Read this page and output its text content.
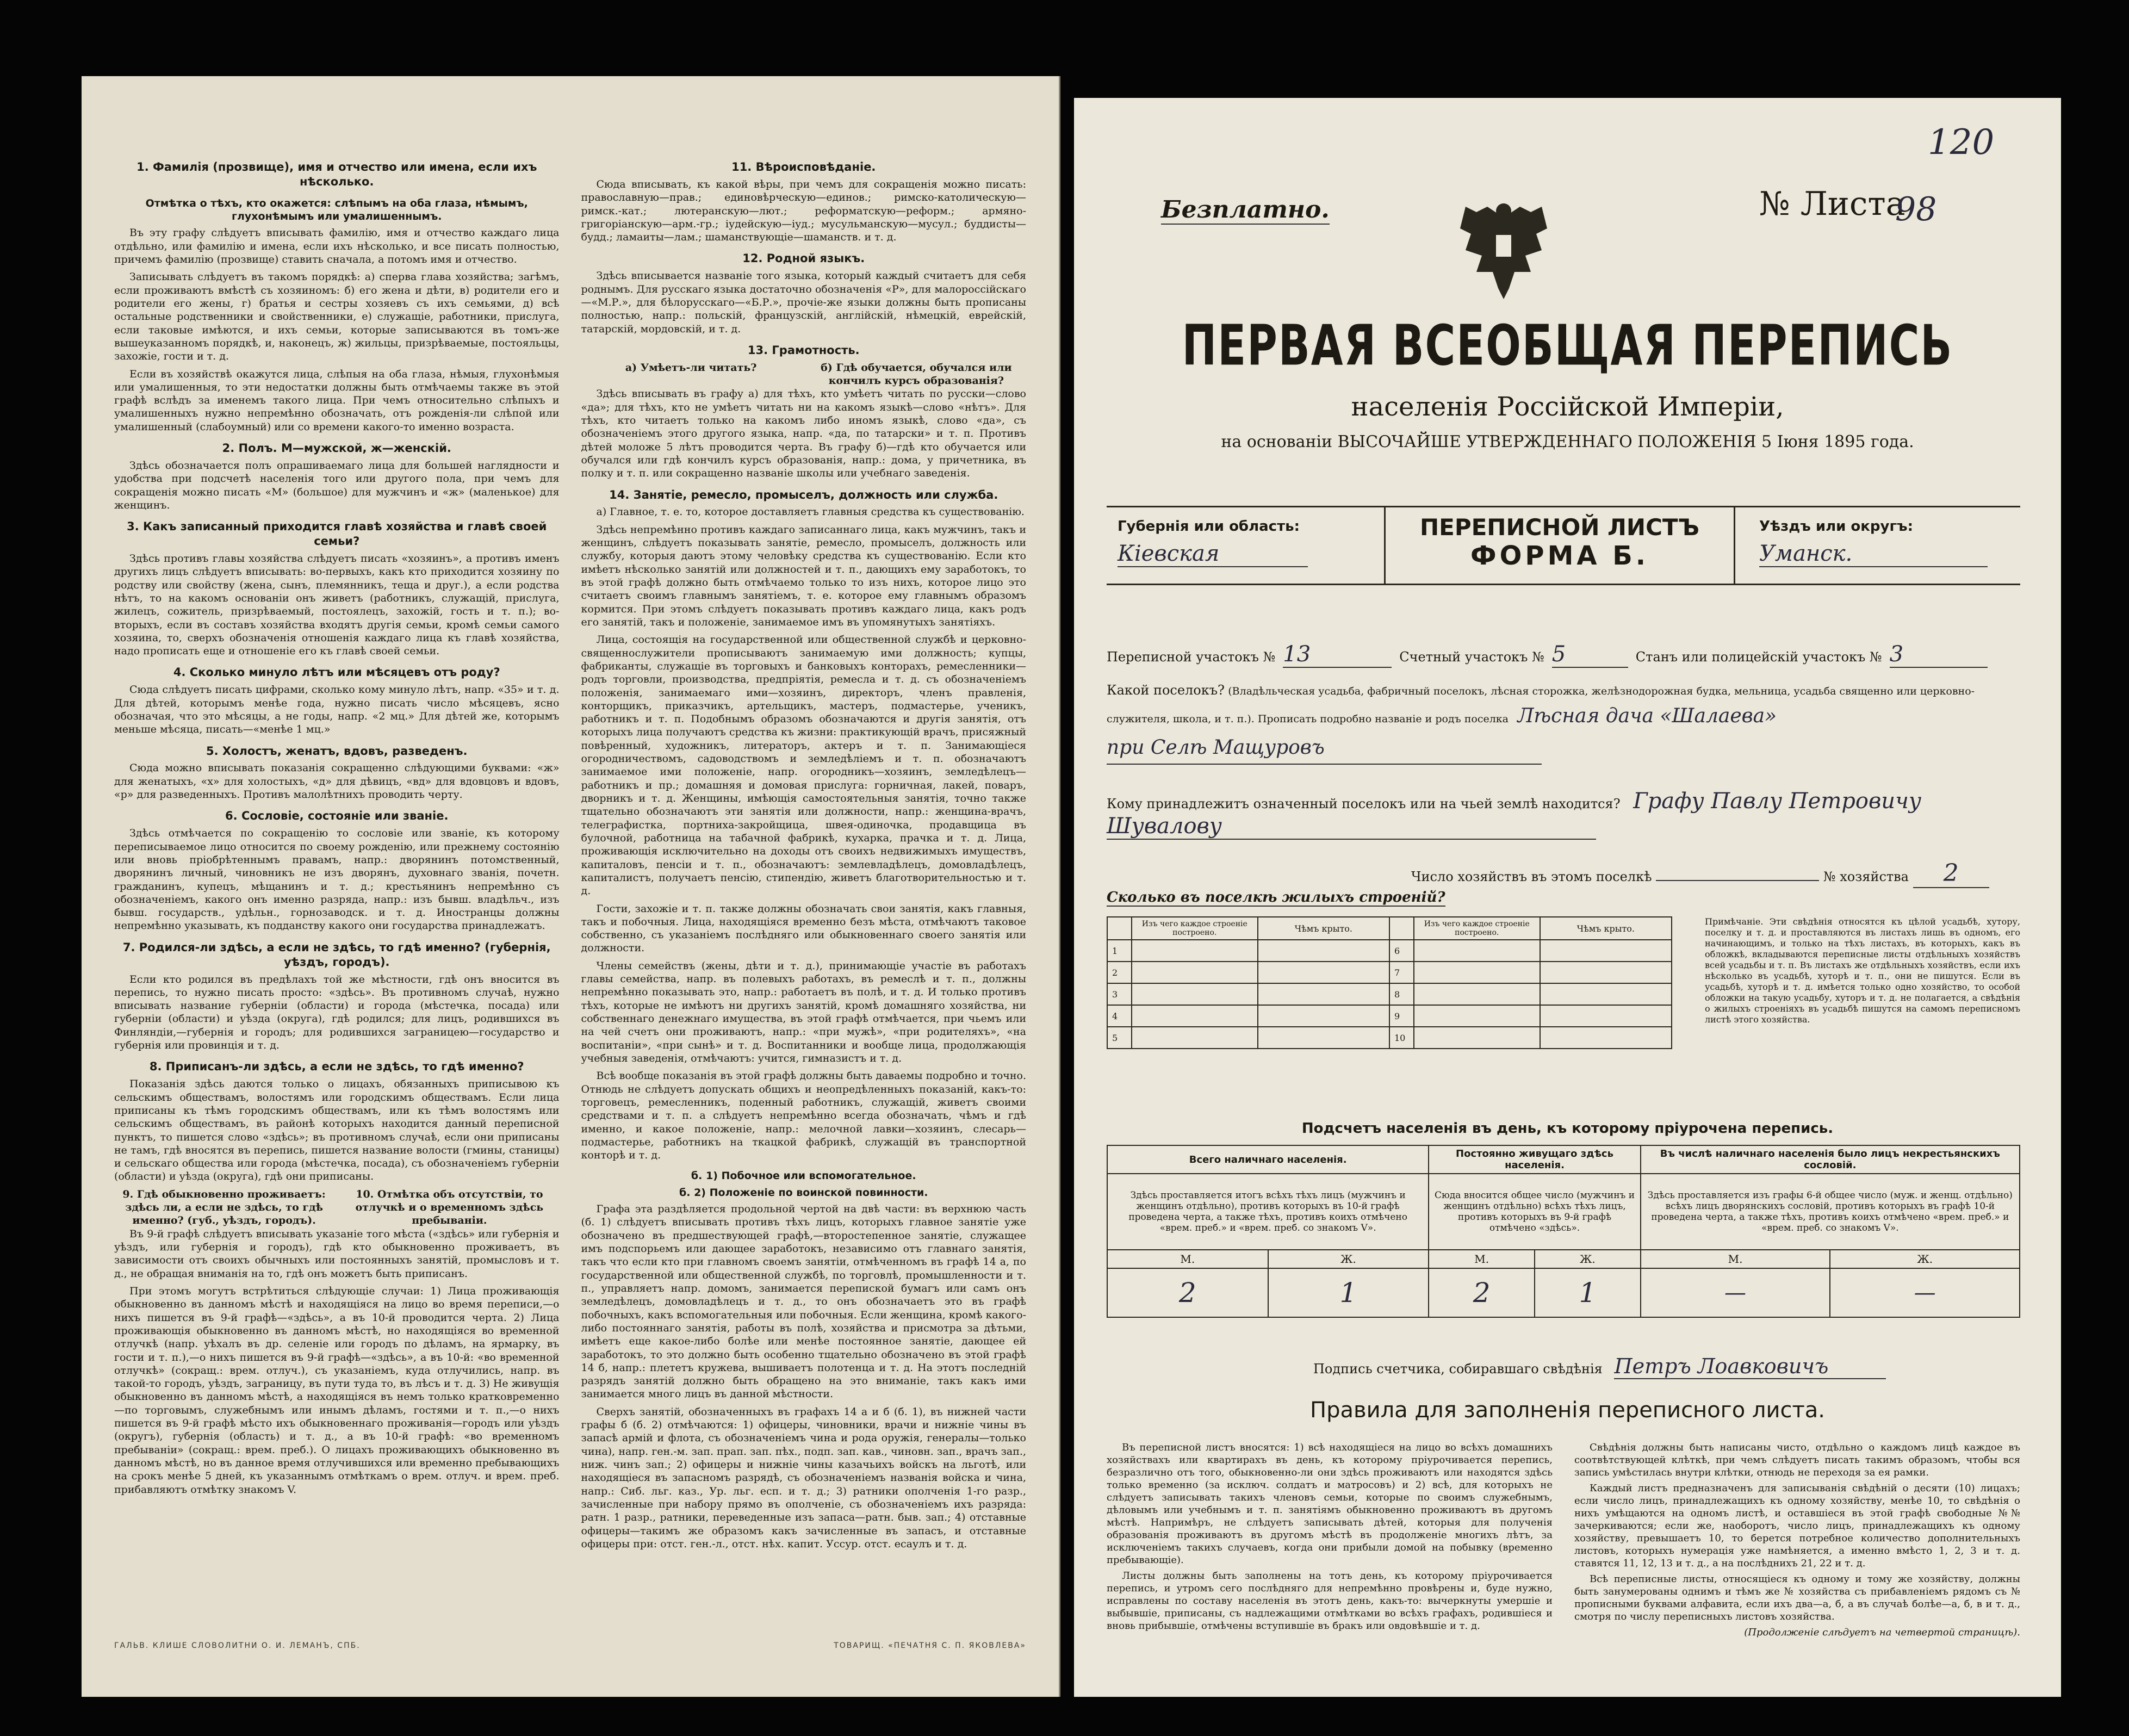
1. Фамилія (прозвище), имя и отчество или имена, если ихъ нѣсколько.
Отмѣтка о тѣхъ, кто окажется: слѣпымъ на оба глаза, нѣмымъ, глухонѣмымъ или умалишеннымъ.

Въ эту графу слѣдуетъ вписывать фамилію, имя и отчество каждаго лица отдѣльно, или фамилію и имена, если ихъ нѣсколько, и все писать полностью, причемъ фамилію (прозвище) ставить сначала, а потомъ имя и отчество.

Записывать слѣдуетъ въ такомъ порядкѣ: а) сперва глава хозяйства; загѣмъ, если проживаютъ вмѣстѣ съ хозяиномъ: б) его жена и дѣти, в) родители его и родители его жены, г) братья и сестры хозяевъ съ ихъ семьями, д) всѣ остальные родственники и свойственники, е) служащіе, работники, прислуга, если таковые имѣются, и ихъ семьи, которые записываются въ томъ-же вышеуказанномъ порядкѣ, и, наконецъ, ж) жильцы, призрѣваемые, постояльцы, захожіе, гости и т. д.

Если въ хозяйствѣ окажутся лица, слѣпыя на оба глаза, нѣмыя, глухонѣмыя или умалишенныя, то эти недостатки должны быть отмѣчаемы также въ этой графѣ вслѣдъ за именемъ такого лица. При чемъ относительно слѣпыхъ и умалишенныхъ нужно непремѣнно обозначать, отъ рожденія-ли слѣпой или умалишенный (слабоумный) или со времени какого-то именно возраста.

2. Полъ. М—мужской, ж—женскій.

Здѣсь обозначается полъ опрашиваемаго лица для большей наглядности и удобства при подсчетѣ населенія того или другого пола, при чемъ для сокращенія можно писать «М» (большое) для мужчинъ и «ж» (маленькое) для женщинъ.

3. Какъ записанный приходится главѣ хозяйства и главѣ своей семьи?

Здѣсь противъ главы хозяйства слѣдуетъ писать «хозяинъ», а противъ именъ другихъ лицъ слѣдуетъ вписывать: во-первыхъ, какъ кто приходится хозяину по родству или свойству (жена, сынъ, племянникъ, теща и друг.), а если родства нѣтъ, то на какомъ основаніи онъ живетъ (работникъ, служащій, прислуга, жилецъ, сожитель, призрѣваемый, постоялецъ, захожій, гость и т. п.); во-вторыхъ, если въ составъ хозяйства входятъ другія семьи, кромѣ семьи самого хозяина, то, сверхъ обозначенія отношенія каждаго лица къ главѣ хозяйства, надо прописать еще и отношеніе его къ главѣ своей семьи.

4. Сколько минуло лѣтъ или мѣсяцевъ отъ роду?

Сюда слѣдуетъ писать цифрами, сколько кому минуло лѣтъ, напр. «35» и т. д. Для дѣтей, которымъ менѣе года, нужно писать число мѣсяцевъ, ясно обозначая, что это мѣсяцы, а не годы, напр. «2 мц.» Для дѣтей же, которымъ меньше мѣсяца, писать—«менѣе 1 мц.»

5. Холостъ, женатъ, вдовъ, разведенъ.

Сюда можно вписывать показанія сокращенно слѣдующими буквами: «ж» для женатыхъ, «х» для холостыхъ, «д» для дѣвицъ, «вд» для вдовцовъ и вдовъ, «р» для разведенныхъ. Противъ малолѣтнихъ проводить черту.

6. Сословіе, состояніе или званіе.

Здѣсь отмѣчается по сокращенію то сословіе или званіе, къ которому переписываемое лицо относится по своему рожденію, или прежнему состоянію или вновь пріобрѣтеннымъ правамъ, напр.: дворянинъ потомственный, дворянинъ личный, чиновникъ не изъ дворянъ, духовнаго званія, почетн. гражданинъ, купецъ, мѣщанинъ и т. д.; крестьянинъ непремѣнно съ обозначеніемъ, какого онъ именно разряда, напр.: изъ бывш. владѣльч., изъ бывш. государств., удѣльн., горнозаводск. и т. д. Иностранцы должны непремѣнно указывать, къ подданству какого они государства принадлежатъ.

7. Родился-ли здѣсь, а если не здѣсь, то гдѣ именно? (губернія, уѣздъ, городъ).

Если кто родился въ предѣлахъ той же мѣстности, гдѣ онъ вносится въ перепись, то нужно писать просто: «здѣсь». Въ противномъ случаѣ, нужно вписывать название губерніи (области) и города (мѣстечка, посада) или губерніи (области) и уѣзда (округа), гдѣ родился; для лицъ, родившихся въ Финляндіи,—губернія и городъ; для родившихся заграницею—государство и губернія или провинція и т. д.

8. Приписанъ-ли здѣсь, а если не здѣсь, то гдѣ именно?

Показанія здѣсь даются только о лицахъ, обязанныхъ приписывою къ сельскимъ обществамъ, волостямъ или городскимъ обществамъ. Если лица приписаны къ тѣмъ городскимъ обществамъ, или къ тѣмъ волостямъ или сельскимъ обществамъ, въ районѣ которыхъ находится данный переписной пунктъ, то пишется слово «здѣсь»; въ противномъ случаѣ, если они приписаны не тамъ, гдѣ вносятся въ перепись, пишется название волости (гмины, станицы) и сельскаго общества или города (мѣстечка, посада), съ обозначеніемъ губерніи (области) и уѣзда (округа), гдѣ они приписаны.

9. Гдѣ обыкновенно проживаетъ: здѣсь ли, а если не здѣсь, то гдѣ именно? (губ., уѣздъ, городъ).
10. Отмѣтка объ отсутствіи, то отлучкѣ и о временномъ здѣсь пребываніи.

Въ 9-й графѣ слѣдуетъ вписывать указаніе того мѣста («здѣсь» или губернія и уѣздъ, или губернія и городъ), гдѣ кто обыкновенно проживаетъ, въ зависимости отъ своихъ обычныхъ или постоянныхъ занятій, промысловъ и т. д., не обращая вниманія на то, гдѣ онъ можетъ быть приписанъ.

При этомъ могутъ встрѣтиться слѣдующіе случаи: 1) Лица проживающія обыкновенно въ данномъ мѣстѣ и находящіяся на лицо во время переписи,—о нихъ пишется въ 9-й графѣ—«здѣсь», а въ 10-й проводится черта. 2) Лица проживающія обыкновенно въ данномъ мѣстѣ, но находящіяся во временной отлучкѣ (напр. уѣхалъ въ др. селеніе или городъ по дѣламъ, на ярмарку, въ гости и т. п.),—о нихъ пишется въ 9-й графѣ—«здѣсь», а въ 10-й: «во временной отлучкѣ» (сокращ.: врем. отлуч.), съ указаніемъ, куда отлучились, напр. въ такой-то городъ, уѣздъ, заграницу, въ пути туда то, въ лѣсъ и т. д. 3) Не живущія обыкновенно въ данномъ мѣстѣ, а находящіяся въ немъ только кратковременно—по торговымъ, служебнымъ или инымъ дѣламъ, гостями и т. п.,—о нихъ пишется въ 9-й графѣ мѣсто ихъ обыкновеннаго проживанія—городъ или уѣздъ (округъ), губернія (область) и т. д., а въ 10-й графѣ: «во временномъ пребываніи» (сокращ.: врем. преб.). О лицахъ проживающихъ обыкновенно въ данномъ мѣстѣ, но въ данное время отлучившихся или временно пребывающихъ на срокъ менѣе 5 дней, къ указаннымъ отмѣткамъ о врем. отлуч. и врем. преб. прибавляютъ отмѣтку знакомъ V.

11. Вѣроисповѣданіе.

Сюда вписывать, къ какой вѣры, при чемъ для сокращенія можно писать: православную—прав.; единовѣрческую—единов.; римско-католическую—римск.-кат.; лютеранскую—лют.; реформатскую—реформ.; армяно-григоріанскую—арм.-гр.; іудейскую—іуд.; мусульманскую—мусул.; буддисты—будд.; ламаиты—лам.; шаманствующіе—шаманств. и т. д.

12. Родной языкъ.

Здѣсь вписывается названіе того языка, который каждый считаетъ для себя роднымъ. Для русскаго языка достаточно обозначенія «Р», для малороссійскаго—«М.Р.», для бѣлорусскаго—«Б.Р.», прочіе-же языки должны быть прописаны полностью, напр.: польскій, французскій, англійскій, нѣмецкій, еврейскій, татарскій, мордовскій, и т. д.

13. Грамотность.
а) Умѣетъ-ли читать?	б) Гдѣ обучается, обучался или кончилъ курсъ образованія?

Здѣсь вписывать въ графу а) для тѣхъ, кто умѣетъ читать по русски—слово «да»; для тѣхъ, кто не умѣетъ читать ни на какомъ языкѣ—слово «нѣтъ». Для тѣхъ, кто читаетъ только на какомъ либо иномъ языкѣ, слово «да», съ обозначеніемъ этого другого языка, напр. «да, по татарски» и т. п. Противъ дѣтей моложе 5 лѣтъ проводится черта. Въ графу б)—гдѣ кто обучается или обучался или гдѣ кончилъ курсъ образованія, напр.: дома, у причетника, въ полку и т. п. или сокращенно названіе школы или учебнаго заведенія.

14. Занятіе, ремесло, промыселъ, должность или служба.

а) Главное, т. е. то, которое доставляетъ главныя средства къ существованію.

Здѣсь непремѣнно противъ каждаго записаннаго лица, какъ мужчинъ, такъ и женщинъ, слѣдуетъ показывать занятіе, ремесло, промыселъ, должность или службу, которыя даютъ этому человѣку средства къ существованію. Если кто имѣетъ нѣсколько занятій или должностей и т. п., дающихъ ему заработокъ, то въ этой графѣ должно быть отмѣчаемо только то изъ нихъ, которое лицо это считаетъ своимъ главнымъ занятіемъ, т. е. которое ему главнымъ образомъ кормится. При этомъ слѣдуетъ показывать противъ каждаго лица, какъ родъ его занятій, такъ и положеніе, занимаемое имъ въ упомянутыхъ занятіяхъ.

Лица, состоящія на государственной или общественной службѣ и церковно-священнослужители прописываютъ занимаемую ими должность; купцы, фабриканты, служащіе въ торговыхъ и банковыхъ конторахъ, ремесленники—родъ торговли, производства, предпріятія, ремесла и т. д. съ обозначеніемъ положенія, занимаемаго ими—хозяинъ, директоръ, членъ правленія, конторщикъ, приказчикъ, артельщикъ, мастеръ, подмастерье, ученикъ, работникъ и т. п. Подобнымъ образомъ обозначаются и другія занятія, отъ которыхъ лица получаютъ средства къ жизни: практикующій врачъ, присяжный повѣренный, художникъ, литераторъ, актеръ и т. п. Занимающіеся огородничествомъ, садоводствомъ и земледѣліемъ и т. п. обозначаютъ занимаемое ими положеніе, напр. огородникъ—хозяинъ, земледѣлецъ—работникъ и пр.; домашняя и домовая прислуга: горничная, лакей, поваръ, дворникъ и т. д. Женщины, имѣющія самостоятельныя занятія, точно также тщательно обозначаютъ эти занятія или должности, напр.: женщина-врачъ, телеграфистка, портниха-закройщица, швея-одиночка, продавщица въ булочной, работница на табачной фабрикѣ, кухарка, прачка и т. д. Лица, проживающія исключительно на доходы отъ своихъ недвижимыхъ имуществъ, капиталовъ, пенсіи и т. п., обозначаютъ: землевладѣлецъ, домовладѣлецъ, капиталистъ, получаетъ пенсію, стипендію, живетъ благотворительностью и т. д.

Гости, захожіе и т. п. также должны обозначать свои занятія, какъ главныя, такъ и побочныя. Лица, находящіяся временно безъ мѣста, отмѣчаютъ таковое собственно, съ указаніемъ послѣдняго или обыкновеннаго своего занятія или должности.

Члены семействъ (жены, дѣти и т. д.), принимающіе участіе въ работахъ главы семейства, напр. въ полевыхъ работахъ, въ ремеслѣ и т. п., должны непремѣнно показывать это, напр.: работаетъ въ полѣ, и т. д. И только противъ тѣхъ, которые не имѣютъ ни другихъ занятій, кромѣ домашняго хозяйства, ни собственнаго денежнаго имущества, въ этой графѣ отмѣчается, при чьемъ или на чей счетъ они проживаютъ, напр.: «при мужѣ», «при родителяхъ», «на воспитаніи», «при сынѣ» и т. д. Воспитанники и вообще лица, продолжающія учебныя заведенія, отмѣчаютъ: учится, гимназистъ и т. д.

Всѣ вообще показанія въ этой графѣ должны быть даваемы подробно и точно. Отнюдь не слѣдуетъ допускать общихъ и неопредѣленныхъ показаній, какъ-то: торговецъ, ремесленникъ, поденный работникъ, служащій, живетъ своими средствами и т. п. а слѣдуетъ непремѣнно всегда обозначать, чѣмъ и гдѣ именно, и какое положеніе, напр.: мелочной лавки—хозяинъ, слесарь—подмастерье, работникъ на ткацкой фабрикѣ, служащій въ транспортной конторѣ и т. д.

б. 1) Побочное или вспомогательное.
б. 2) Положеніе по воинской повинности.

Графа эта раздѣляется продольной чертой на двѣ части: въ верхнюю часть (б. 1) слѣдуетъ вписывать противъ тѣхъ лицъ, которыхъ главное занятіе уже обозначено въ предшествующей графѣ,—второстепенное занятіе, служащее имъ подспорьемъ или дающее заработокъ, независимо отъ главнаго занятія, такъ что если кто при главномъ своемъ занятіи, отмѣченномъ въ графѣ 14 а, по государственной или общественной службѣ, по торговлѣ, промышленности и т. п., управляетъ напр. домомъ, занимается перепиской бумагъ или самъ онъ земледѣлецъ, домовладѣлецъ и т. д., то онъ обозначаетъ это въ графѣ побочныхъ, какъ вспомогательныя или побочныя. Если женщина, кромѣ какого-либо постояннаго занятія, работы въ полѣ, хозяйства и присмотра за дѣтьми, имѣетъ еще какое-либо болѣе или менѣе постоянное занятіе, дающее ей заработокъ, то это должно быть особенно тщательно обозначено въ этой графѣ 14 б, напр.: плететъ кружева, вышиваетъ полотенца и т. д. На этотъ последній разрядъ занятій должно быть обращено на это вниманіе, такъ какъ ими занимается много лицъ въ данной мѣстности.

Сверхъ занятій, обозначенныхъ въ графахъ 14 а и б (б. 1), въ нижней части графы б (б. 2) отмѣчаются: 1) офицеры, чиновники, врачи и нижніе чины въ запасѣ армій и флота, съ обозначеніемъ чина и рода оружія, генералы—только чина), напр. ген.-м. зап. прап. зап. пѣх., подп. зап. кав., чиновн. зап., врачъ зап., ниж. чинъ зап.; 2) офицеры и нижніе чины казачьихъ войскъ на льготѣ, или находящіеся въ запасномъ разрядѣ, съ обозначеніемъ названія войска и чина, напр.: Сиб. льг. каз., Ур. льг. есп. и т. д.; 3) ратники ополченія 1-го разр., зачисленные при набору прямо въ ополченіе, съ обозначеніемъ ихъ разряда: ратн. 1 разр., ратники, переведенные изъ запаса—ратн. быв. зап.; 4) отставные офицеры—такимъ же образомъ какъ зачисленные въ запасъ, и отставные офицеры при: отст. ген.-л., отст. нѣх. капит. Уссур. отст. есаулъ и т. д.

ГАЛЬВ. КЛИШЕ СЛОВОЛИТНИ О. И. ЛЕМАНЪ, СПБ.	ТОВАРИЩ. «ПЕЧАТНЯ С. П. ЯКОВЛЕВА»
120
Безплатно.	№ Листа
98
ПЕРВАЯ ВСЕОБЩАЯ ПЕРЕПИСЬ
населенія Россійской Имперіи,
на основаніи ВЫСОЧАЙШЕ УТВЕРЖДЕННАГО ПОЛОЖЕНІЯ 5 Іюня 1895 года.
Губернія или область:
Кіевская
ПЕРЕПИСНОЙ ЛИСТЪ
ФОРМА Б.
Уѣздъ или округъ:
Уманск.
Переписной участокъ № 13	Счетный участокъ № 5	Станъ или полицейскій участокъ № 3
Какой поселокъ? (Владѣльческая усадьба, фабричный поселокъ, лѣсная сторожка, желѣзнодорожная будка, мельница, усадьба священно или церковно-служителя, школа, и т. п.). Прописать подробно названіе и родъ поселка Лѣсная дача «Шалаева»
при Селѣ Мащуровъ
Кому принадлежитъ означенный поселокъ или на чьей землѣ находится? Графу Павлу Петровичу
Шувалову
Число хозяйствъ въ этомъ поселкѣ	№ хозяйства 2
Сколько въ поселкѣ жилыхъ строеній?
	Изъ чего каждое строеніе построено.	Чѣмъ крыто.		Изъ чего каждое строеніе построено.	Чѣмъ крыто.
1			6		
2			7		
3			8		
4			9		
5			10		
Примѣчаніе. Эти свѣдѣнія относятся къ цѣлой усадьбѣ, хутору, поселку и т. д. и проставляются въ листахъ лишь въ одномъ, его начинающимъ, и только на тѣхъ листахъ, въ которыхъ, какъ въ обложкѣ, вкладываются переписные листы отдѣльныхъ хозяйствъ всей усадьбы и т. п. Въ листахъ же отдѣльныхъ хозяйствъ, если ихъ нѣсколько въ усадьбѣ, хуторѣ и т. п., они не пишутся. Если въ усадьбѣ, хуторѣ и т. д. имѣется только одно хозяйство, то особой обложки на такую усадьбу, хуторъ и т. д. не полагается, а свѣдѣнія о жилыхъ строеніяхъ въ усадьбѣ пишутся на самомъ переписномъ листѣ этого хозяйства.
Подсчетъ населенія въ день, къ которому пріурочена перепись.
Всего наличнаго населенія.		Постоянно живущаго здѣсь населенія.		Въ числѣ наличнаго населенія было лицъ некрестьянскихъ сословій.	
Здѣсь проставляется итогъ всѣхъ тѣхъ лицъ (мужчинъ и женщинъ отдѣльно), противъ которыхъ въ 10-й графѣ проведена черта, а также тѣхъ, противъ коихъ отмѣчено «врем. преб.» и «врем. преб. со знакомъ V».		Сюда вносится общее число (мужчинъ и женщинъ отдѣльно) всѣхъ тѣхъ лицъ, противъ которыхъ въ 9-й графѣ отмѣчено «здѣсь».		Здѣсь проставляется изъ графы 6-й общее число (муж. и женщ. отдѣльно) всѣхъ лицъ дворянскихъ сословій, противъ которыхъ въ графѣ 10-й проведена черта, а также тѣхъ, противъ коихъ отмѣчено «врем. преб.» и «врем. преб. со знакомъ V».	
М.	Ж.	М.	Ж.	М.	Ж.
2	1	2	1	—	—
Подпись счетчика, собиравшаго свѣдѣнія Петръ Лоавковичъ
Правила для заполненія переписного листа.

Въ переписной листъ вносятся: 1) всѣ находящіеся на лицо во всѣхъ домашнихъ хозяйствахъ или квартирахъ въ день, къ которому пріурочивается перепись, безразлично отъ того, обыкновенно-ли они здѣсь проживаютъ или находятся здѣсь только временно (за исключ. солдатъ и матросовъ) и 2) всѣ, для которыхъ не слѣдуетъ записывать такихъ членовъ семьи, которые по своимъ служебнымъ, дѣловымъ или учебнымъ и т. п. занятіямъ обыкновенно проживаютъ въ другомъ мѣстѣ. Напримѣръ, не слѣдуетъ записывать дѣтей, которыя для полученія образованія проживаютъ въ другомъ мѣстѣ въ продолженіе многихъ лѣтъ, за исключеніемъ такихъ случаевъ, когда они прибыли домой на побывку (временно пребывающіе).

Листы должны быть заполнены на тотъ день, къ которому пріурочивается перепись, и утромъ сего послѣдняго для непремѣнно провѣрены и, буде нужно, исправлены по составу населенія въ этотъ день, какъ-то: вычеркнуты умершіе и выбывшіе, приписаны, съ надлежащими отмѣтками во всѣхъ графахъ, родившіеся и вновь прибывшіе, отмѣчены вступившіе въ бракъ или овдовѣвшіе и т. д.

Свѣдѣнія должны быть написаны чисто, отдѣльно о каждомъ лицѣ каждое въ соотвѣтствующей клѣткѣ, при чемъ слѣдуетъ писать такимъ образомъ, чтобы вся запись умѣстилась внутри клѣтки, отнюдь не переходя за ея рамки.

Каждый листъ предназначенъ для записыванія свѣдѣній о десяти (10) лицахъ; если число лицъ, принадлежащихъ къ одному хозяйству, менѣе 10, то свѣдѣнія о нихъ умѣщаются на одномъ листѣ, и оставшіеся въ этой графѣ свободные №№ зачеркиваются; если же, наоборотъ, число лицъ, принадлежащихъ къ одному хозяйству, превышаетъ 10, то берется потребное количество дополнительныхъ листовъ, которыхъ нумерація уже намѣняется, а именно вмѣсто 1, 2, 3 и т. д. ставятся 11, 12, 13 и т. д., а на послѣднихъ 21, 22 и т. д.

Всѣ переписные листы, относящіеся къ одному и тому же хозяйству, должны быть занумерованы однимъ и тѣмъ же № хозяйства съ прибавленіемъ рядомъ съ № прописными буквами алфавита, если ихъ два—а, б, а въ случаѣ болѣе—а, б, в и т. д., смотря по числу переписныхъ листовъ хозяйства.

(Продолженіе слѣдуетъ на четвертой страницѣ).
